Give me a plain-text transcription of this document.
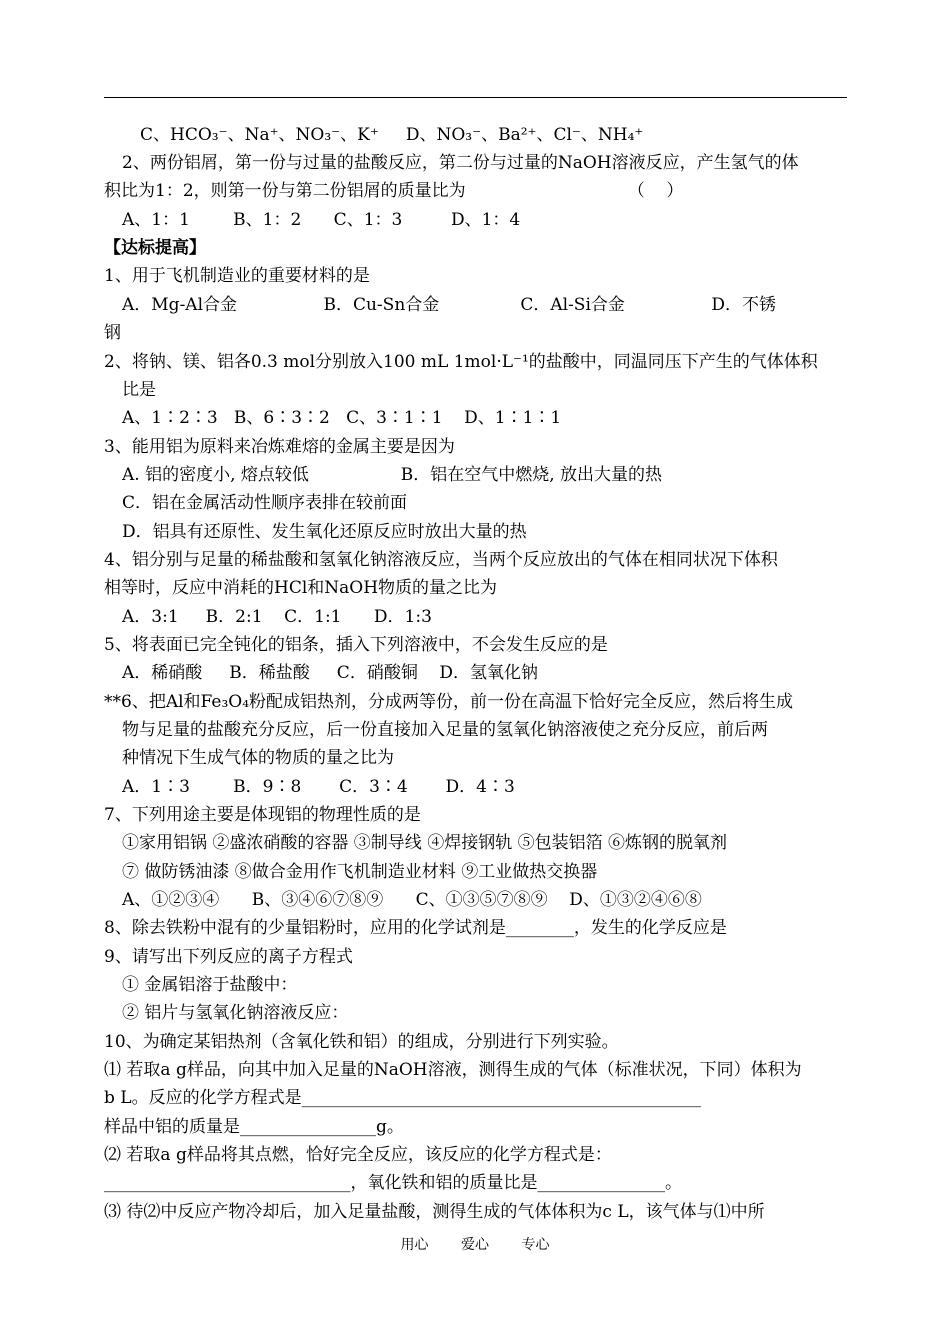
C、HCO₃⁻、Na⁺、NO₃⁻、K⁺     D、NO₃⁻、Ba²⁺、Cl⁻、NH₄⁺
2、两份铝屑，第一份与过量的盐酸反应，第二份与过量的NaOH溶液反应，产生氢气的体
积比为1：2，则第一份与第二份铝屑的质量比为                              （    ）
A、1：1        B、1：2      C、1：3         D、1：4
【达标提高】
1、用于飞机制造业的重要材料的是
A．Mg-Al合金                B．Cu-Sn合金               C．Al-Si合金                D．不锈
钢
2、将钠、镁、铝各0.3 mol分别放入100 mL 1mol·L⁻¹的盐酸中，同温同压下产生的气体体积
比是
A、1∶2∶3   B、6∶3∶2   C、3∶1∶1    D、1∶1∶1
3、能用铝为原料来冶炼难熔的金属主要是因为
A. 铝的密度小, 熔点较低                 B．铝在空气中燃烧, 放出大量的热
C．铝在金属活动性顺序表排在较前面
D．铝具有还原性、发生氧化还原反应时放出大量的热
4、铝分别与足量的稀盐酸和氢氧化钠溶液反应，当两个反应放出的气体在相同状况下体积
相等时，反应中消耗的HCl和NaOH物质的量之比为
A．3:1     B．2:1    C．1:1      D．1:3
5、将表面已完全钝化的铝条，插入下列溶液中，不会发生反应的是
A．稀硝酸     B．稀盐酸     C．硝酸铜    D．氢氧化钠
**6、把Al和Fe₃O₄粉配成铝热剂，分成两等份，前一份在高温下恰好完全反应，然后将生成
物与足量的盐酸充分反应，后一份直接加入足量的氢氧化钠溶液使之充分反应，前后两
种情况下生成气体的物质的量之比为
A．1∶3        B．9∶8       C．3∶4       D．4∶3
7、下列用途主要是体现铝的物理性质的是
①家用铝锅 ②盛浓硝酸的容器 ③制导线 ④焊接钢轨 ⑤包装铝箔 ⑥炼钢的脱氧剂
⑦ 做防锈油漆 ⑧做合金用作飞机制造业材料 ⑨工业做热交换器
A、①②③④      B、③④⑥⑦⑧⑨      C、①③⑤⑦⑧⑨    D、①③②④⑥⑧
8、除去铁粉中混有的少量铝粉时，应用的化学试剂是________，发生的化学反应是
9、请写出下列反应的离子方程式
① 金属铝溶于盐酸中：
② 铝片与氢氧化钠溶液反应：
10、为确定某铝热剂（含氧化铁和铝）的组成，分别进行下列实验。
⑴ 若取a g样品，向其中加入足量的NaOH溶液，测得生成的气体（标准状况，下同）体积为
b L。反应的化学方程式是_______________________________________________
样品中铝的质量是________________g。
⑵ 若取a g样品将其点燃，恰好完全反应，该反应的化学方程式是：
_____________________________，氧化铁和铝的质量比是_______________。
⑶ 待⑵中反应产物冷却后，加入足量盐酸，测得生成的气体体积为c L，该气体与⑴中所
用心 爱心 专心
